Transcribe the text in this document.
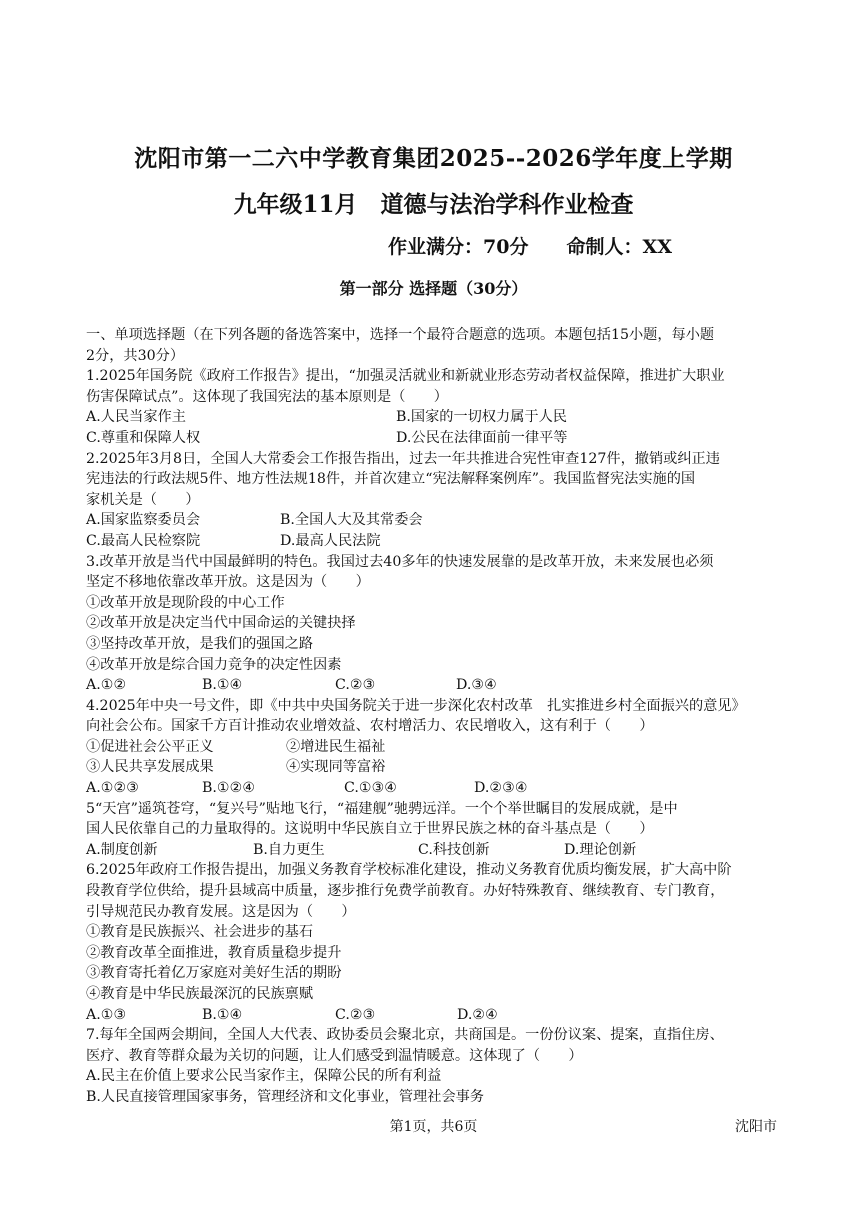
沈阳市第一二六中学教育集团2025--2026学年度上学期
九年级11月　道德与法治学科作业检查
作业满分：70分 命制人：XX
第一部分 选择题（30分）
一、单项选择题（在下列各题的备选答案中，选择一个最符合题意的选项。本题包括15小题，每小题
2分，共30分）
1.2025年国务院《政府工作报告》提出，“加强灵活就业和新就业形态劳动者权益保障，推进扩大职业
伤害保障试点”。这体现了我国宪法的基本原则是（　　）
A.人民当家作主	B.国家的一切权力属于人民
C.尊重和保障人权	D.公民在法律面前一律平等
2.2025年3月8日，全国人大常委会工作报告指出，过去一年共推进合宪性审查127件，撤销或纠正违
宪违法的行政法规5件、地方性法规18件，并首次建立“宪法解释案例库”。我国监督宪法实施的国
家机关是（　　）
A.国家监察委员会	B.全国人大及其常委会
C.最高人民检察院	D.最高人民法院
3.改革开放是当代中国最鲜明的特色。我国过去40多年的快速发展靠的是改革开放，未来发展也必须
坚定不移地依靠改革开放。这是因为（　　）
①改革开放是现阶段的中心工作
②改革开放是决定当代中国命运的关键抉择
③坚持改革开放，是我们的强国之路
④改革开放是综合国力竞争的决定性因素
A.①②	B.①④	C.②③	D.③④
4.2025年中央一号文件，即《中共中央国务院关于进一步深化农村改革　扎实推进乡村全面振兴的意见》
向社会公布。国家千方百计推动农业增效益、农村增活力、农民增收入，这有利于（　　）
①促进社会公平正义	②增进民生福祉
③人民共享发展成果	④实现同等富裕
A.①②③	B.①②④	C.①③④	D.②③④
5“天宫”遥筑苍穹，“复兴号”贴地飞行，“福建舰”驰骋远洋。一个个举世瞩目的发展成就，是中
国人民依靠自己的力量取得的。这说明中华民族自立于世界民族之林的奋斗基点是（　　）
A.制度创新	B.自力更生	C.科技创新	D.理论创新
6.2025年政府工作报告提出，加强义务教育学校标准化建设，推动义务教育优质均衡发展，扩大高中阶
段教育学位供给，提升县域高中质量，逐步推行免费学前教育。办好特殊教育、继续教育、专门教育，
引导规范民办教育发展。这是因为（　　）
①教育是民族振兴、社会进步的基石
②教育改革全面推进，教育质量稳步提升
③教育寄托着亿万家庭对美好生活的期盼
④教育是中华民族最深沉的民族禀赋
A.①③	B.①④	C.②③	D.②④
7.每年全国两会期间，全国人大代表、政协委员会聚北京，共商国是。一份份议案、提案，直指住房、
医疗、教育等群众最为关切的问题，让人们感受到温情暖意。这体现了（　　）
A.民主在价值上要求公民当家作主，保障公民的所有利益
B.人民直接管理国家事务，管理经济和文化事业，管理社会事务
第1页，共6页	沈阳市
